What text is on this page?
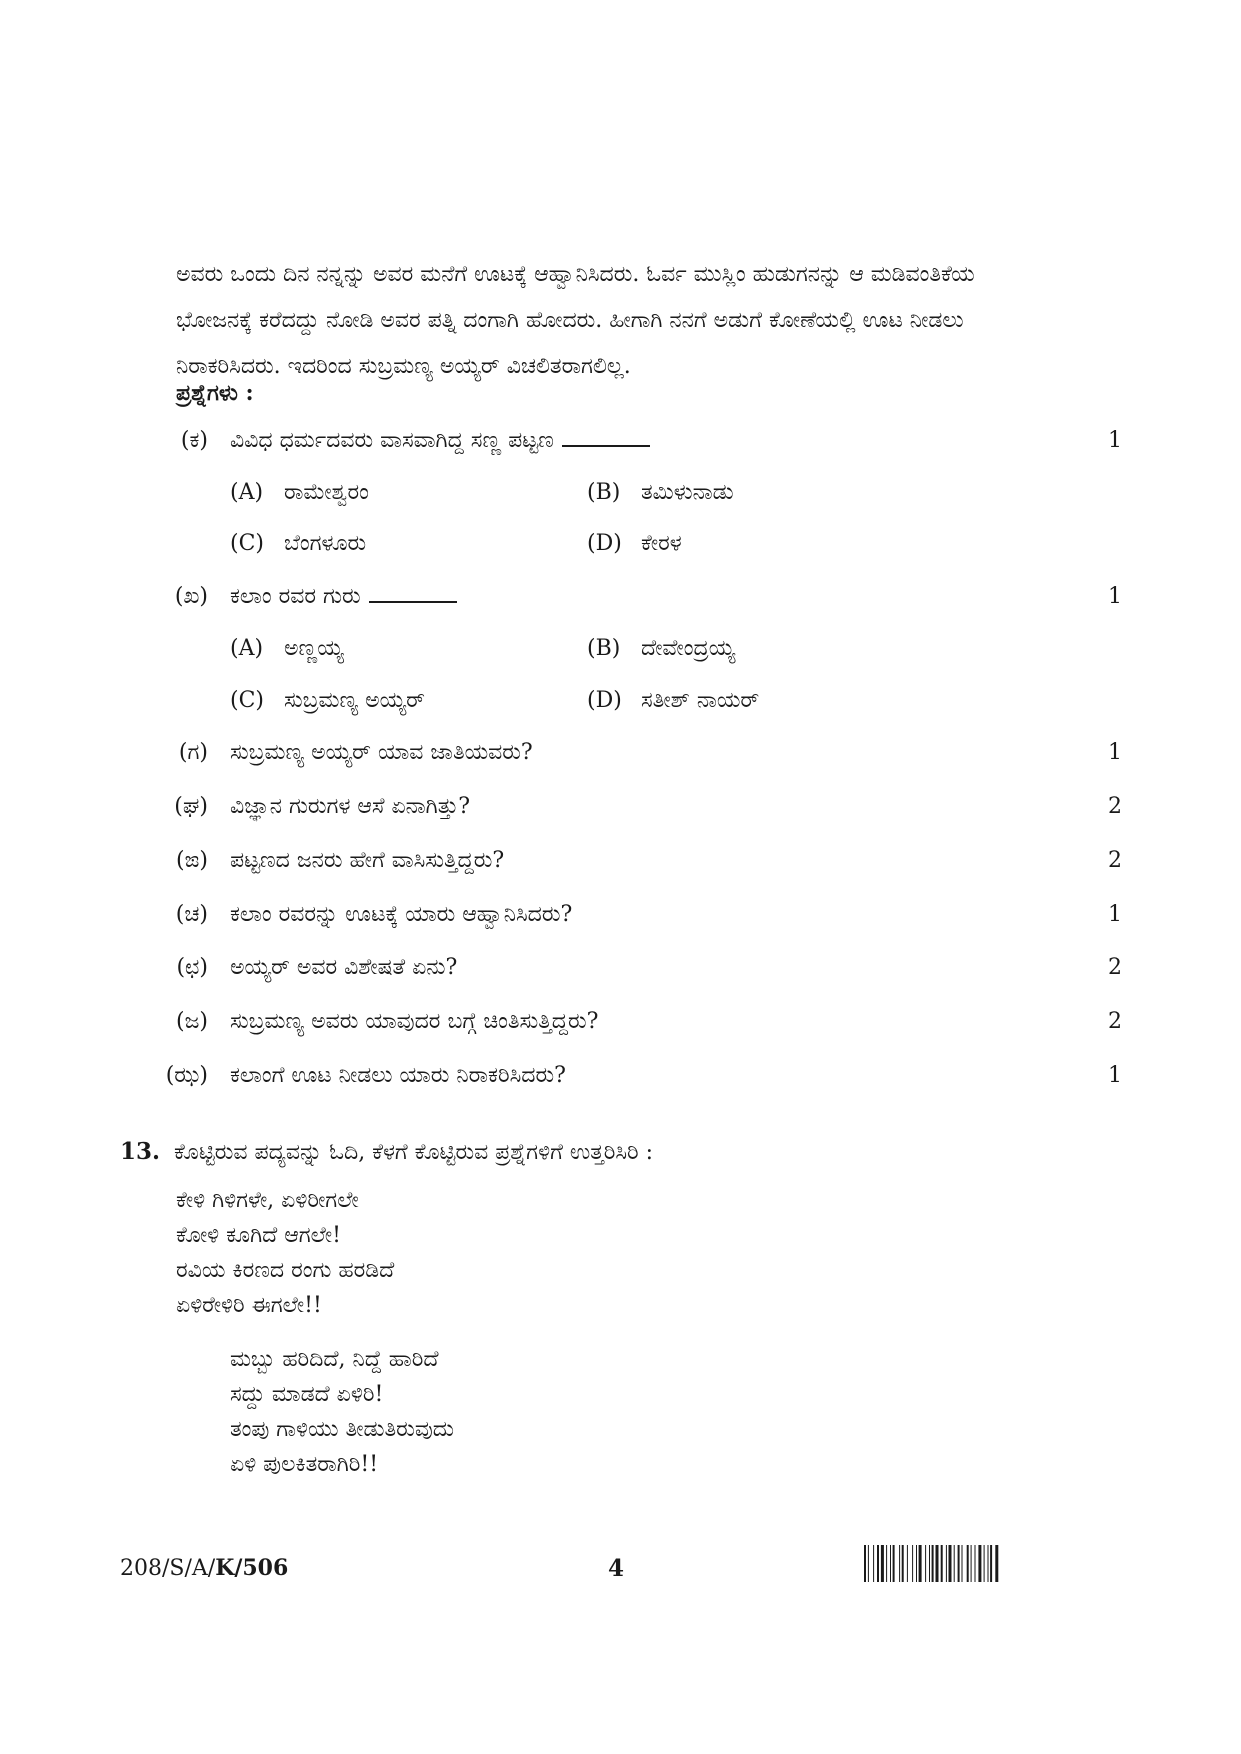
ಅವರು ಒಂದು ದಿನ ನನ್ನನ್ನು ಅವರ ಮನೆಗೆ ಊಟಕ್ಕೆ ಆಹ್ವಾನಿಸಿದರು. ಓರ್ವ ಮುಸ್ಲಿಂ ಹುಡುಗನನ್ನು ಆ ಮಡಿವಂತಿಕೆಯ
ಭೋಜನಕ್ಕೆ ಕರೆದದ್ದು ನೋಡಿ ಅವರ ಪತ್ನಿ ದಂಗಾಗಿ ಹೋದರು. ಹೀಗಾಗಿ ನನಗೆ ಅಡುಗೆ ಕೋಣೆಯಲ್ಲಿ ಊಟ ನೀಡಲು
ನಿರಾಕರಿಸಿದರು. ಇದರಿಂದ ಸುಬ್ರಮಣ್ಯ ಅಯ್ಯರ್ ವಿಚಲಿತರಾಗಲಿಲ್ಲ.
ಪ್ರಶ್ನೆಗಳು :
(ಕ) ವಿವಿಧ ಧರ್ಮದವರು ವಾಸವಾಗಿದ್ದ ಸಣ್ಣ ಪಟ್ಟಣ	1
(A) ರಾಮೇಶ್ವರಂ	(B) ತಮಿಳುನಾಡು
(C) ಬೆಂಗಳೂರು	(D) ಕೇರಳ
(ಖ) ಕಲಾಂ ರವರ ಗುರು	1
(A) ಅಣ್ಣಯ್ಯ	(B) ದೇವೇಂದ್ರಯ್ಯ
(C) ಸುಬ್ರಮಣ್ಯ ಅಯ್ಯರ್	(D) ಸತೀಶ್ ನಾಯರ್
(ಗ) ಸುಬ್ರಮಣ್ಯ ಅಯ್ಯರ್ ಯಾವ ಜಾತಿಯವರು?	1
(ಘ) ವಿಜ್ಞಾನ ಗುರುಗಳ ಆಸೆ ಏನಾಗಿತ್ತು?	2
(ಙ) ಪಟ್ಟಣದ ಜನರು ಹೇಗೆ ವಾಸಿಸುತ್ತಿದ್ದರು?	2
(ಚ) ಕಲಾಂ ರವರನ್ನು ಊಟಕ್ಕೆ ಯಾರು ಆಹ್ವಾನಿಸಿದರು?	1
(ಛ) ಅಯ್ಯರ್ ಅವರ ವಿಶೇಷತೆ ಏನು?	2
(ಜ) ಸುಬ್ರಮಣ್ಯ ಅವರು ಯಾವುದರ ಬಗ್ಗೆ ಚಿಂತಿಸುತ್ತಿದ್ದರು?	2
(ಝ) ಕಲಾಂಗೆ ಊಟ ನೀಡಲು ಯಾರು ನಿರಾಕರಿಸಿದರು?	1
13. ಕೊಟ್ಟಿರುವ ಪದ್ಯವನ್ನು ಓದಿ, ಕೆಳಗೆ ಕೊಟ್ಟಿರುವ ಪ್ರಶ್ನೆಗಳಿಗೆ ಉತ್ತರಿಸಿರಿ :
ಕೇಳಿ ಗಿಳಿಗಳೇ, ಏಳಿರೀಗಲೇ
ಕೋಳಿ ಕೂಗಿದೆ ಆಗಲೇ!
ರವಿಯ ಕಿರಣದ ರಂಗು ಹರಡಿದೆ
ಏಳಿರೇಳಿರಿ ಈಗಲೇ!!
ಮಬ್ಬು ಹರಿದಿದೆ, ನಿದ್ದೆ ಹಾರಿದೆ
ಸದ್ದು ಮಾಡದೆ ಏಳಿರಿ!
ತಂಪು ಗಾಳಿಯು ತೀಡುತಿರುವುದು
ಏಳಿ ಪುಲಕಿತರಾಗಿರಿ!!
208/S/A/K/506	4
